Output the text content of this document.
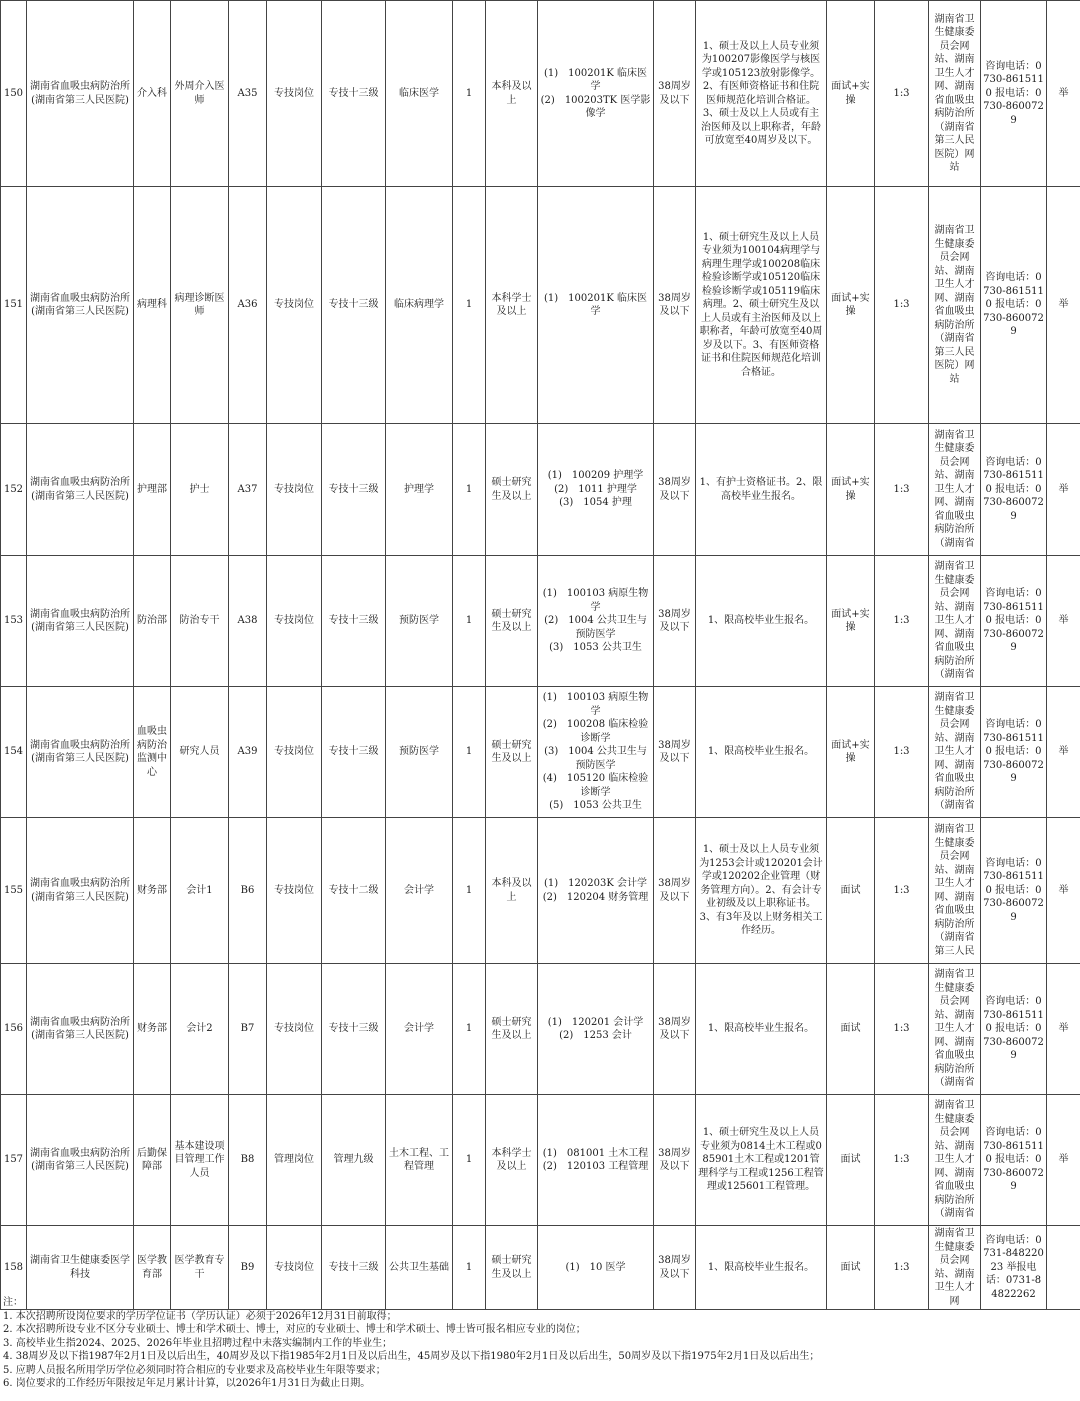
150	湖南省血吸虫病防治所(湖南省第三人民医院)	介入科	外周介入医师	A35	专技岗位	专技十三级	临床医学	1	本科及以上	(1)　100201K 临床医学
(2)　100203TK 医学影像学	38周岁及以下	1、硕士及以上人员专业须为100207影像医学与核医学或105123放射影像学。2、有医师资格证书和住院医师规范化培训合格证。3、硕士及以上人员或有主治医师及以上职称者，年龄可放宽至40周岁及以下。	面试+实操	1:3	湖南省卫生健康委员会网站、湖南卫生人才网、湖南省血吸虫病防治所（湖南省第三人民医院）网站	咨询电话：0730-8615110 报电话：0730-8600729	举
151	湖南省血吸虫病防治所(湖南省第三人民医院)	病理科	病理诊断医师	A36	专技岗位	专技十三级	临床病理学	1	本科学士及以上	(1)　100201K 临床医学	38周岁及以下	1、硕士研究生及以上人员专业须为100104病理学与病理生理学或100208临床检验诊断学或105120临床检验诊断学或105119临床病理。2、硕士研究生及以上人员或有主治医师及以上职称者，年龄可放宽至40周岁及以下。3、有医师资格证书和住院医师规范化培训合格证。	面试+实操	1:3	湖南省卫生健康委员会网站、湖南卫生人才网、湖南省血吸虫病防治所（湖南省第三人民医院）网站	咨询电话：0730-8615110 报电话：0730-8600729	举
152	湖南省血吸虫病防治所(湖南省第三人民医院)	护理部	护士	A37	专技岗位	专技十三级	护理学	1	硕士研究生及以上	(1)　100209 护理学
(2)　1011 护理学
(3)　1054 护理	38周岁及以下	1、有护士资格证书。2、限高校毕业生报名。	面试+实操	1:3	湖南省卫生健康委员会网站、湖南卫生人才网、湖南省血吸虫病防治所（湖南省	咨询电话：0730-8615110 报电话：0730-8600729	举
153	湖南省血吸虫病防治所(湖南省第三人民医院)	防治部	防治专干	A38	专技岗位	专技十三级	预防医学	1	硕士研究生及以上	(1)　100103 病原生物学
(2)　1004 公共卫生与预防医学
(3)　1053 公共卫生	38周岁及以下	1、限高校毕业生报名。	面试+实操	1:3	湖南省卫生健康委员会网站、湖南卫生人才网、湖南省血吸虫病防治所（湖南省	咨询电话：0730-8615110 报电话：0730-8600729	举
154	湖南省血吸虫病防治所(湖南省第三人民医院)	血吸虫病防治监测中心	研究人员	A39	专技岗位	专技十三级	预防医学	1	硕士研究生及以上	(1)　100103 病原生物学
(2)　100208 临床检验诊断学
(3)　1004 公共卫生与预防医学
(4)　105120 临床检验诊断学
(5)　1053 公共卫生	38周岁及以下	1、限高校毕业生报名。	面试+实操	1:3	湖南省卫生健康委员会网站、湖南卫生人才网、湖南省血吸虫病防治所（湖南省	咨询电话：0730-8615110 报电话：0730-8600729	举
155	湖南省血吸虫病防治所(湖南省第三人民医院)	财务部	会计1	B6	专技岗位	专技十二级	会计学	1	本科及以上	(1)　120203K 会计学
(2)　120204 财务管理	38周岁及以下	1、硕士及以上人员专业须为1253会计或120201会计学或120202企业管理（财务管理方向）。2、有会计专业初级及以上职称证书。3、有3年及以上财务相关工作经历。	面试	1:3	湖南省卫生健康委员会网站、湖南卫生人才网、湖南省血吸虫病防治所（湖南省第三人民	咨询电话：0730-8615110 报电话：0730-8600729	举
156	湖南省血吸虫病防治所(湖南省第三人民医院)	财务部	会计2	B7	专技岗位	专技十三级	会计学	1	硕士研究生及以上	(1)　120201 会计学
(2)　1253 会计	38周岁及以下	1、限高校毕业生报名。	面试	1:3	湖南省卫生健康委员会网站、湖南卫生人才网、湖南省血吸虫病防治所（湖南省	咨询电话：0730-8615110 报电话：0730-8600729	举
157	湖南省血吸虫病防治所(湖南省第三人民医院)	后勤保障部	基本建设项目管理工作人员	B8	管理岗位	管理九级	土木工程、工程管理	1	本科学士及以上	(1)　081001 土木工程
(2)　120103 工程管理	38周岁及以下	1、硕士研究生及以上人员专业须为0814土木工程或085901土木工程或1201管理科学与工程或1256工程管理或125601工程管理。	面试	1:3	湖南省卫生健康委员会网站、湖南卫生人才网、湖南省血吸虫病防治所（湖南省	咨询电话：0730-8615110 报电话：0730-8600729	举
158	湖南省卫生健康委医学科技	医学教育部	医学教育专干	B9	专技岗位	专技十三级	公共卫生基础	1	硕士研究生及以上	(1)　10 医学	38周岁及以下	1、限高校毕业生报名。	面试	1:3	湖南省卫生健康委员会网站、湖南卫生人才网	咨询电话：0731-84822023 举报电话：0731-84822262	
注：
1. 本次招聘所设岗位要求的学历学位证书（学历认证）必须于2026年12月31日前取得；
2. 本次招聘所设专业不区分专业硕士、博士和学术硕士、博士，对应的专业硕士、博士和学术硕士、博士皆可报名相应专业的岗位；
3. 高校毕业生指2024、2025、2026年毕业且招聘过程中未落实编制内工作的毕业生；
4. 38周岁及以下指1987年2月1日及以后出生，40周岁及以下指1985年2月1日及以后出生，45周岁及以下指1980年2月1日及以后出生，50周岁及以下指1975年2月1日及以后出生；
5. 应聘人员报名所用学历学位必须同时符合相应的专业要求及高校毕业生年限等要求；
6. 岗位要求的工作经历年限按足年足月累计计算，以2026年1月31日为截止日期。
